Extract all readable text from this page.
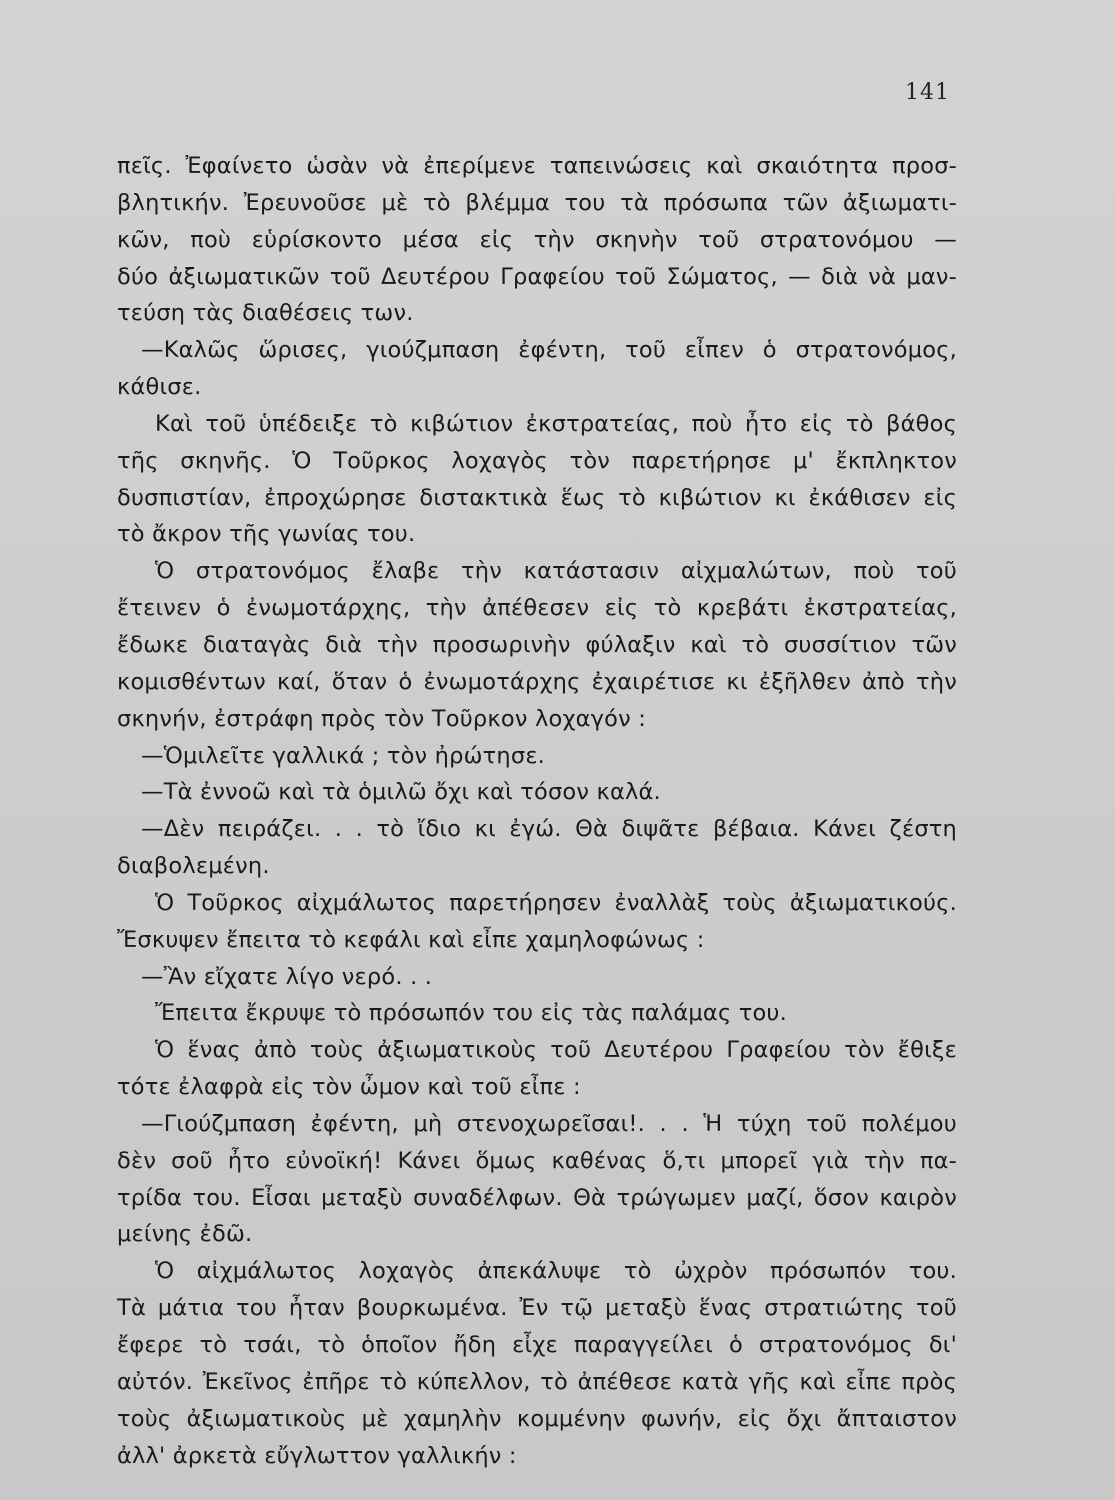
141
πεῖς. Ἐφαίνετο ὡσὰν νὰ ἐπερίμενε ταπεινώσεις καὶ σκαιότητα προσ-
βλητικήν. Ἐρευνοῦσε μὲ τὸ βλέμμα του τὰ πρόσωπα τῶν ἀξιωματι-
κῶν, ποὺ εὑρίσκοντο μέσα εἰς τὴν σκηνὴν τοῦ στρατονόμου —
δύο ἀξιωματικῶν τοῦ Δευτέρου Γραφείου τοῦ Σώματος, — διὰ νὰ μαν-
τεύση τὰς διαθέσεις των.
—Καλῶς ὥρισες, γιούζμπαση ἐφέντη, τοῦ εἶπεν ὁ στρατονόμος,
κάθισε.
Καὶ τοῦ ὑπέδειξε τὸ κιβώτιον ἐκστρατείας, ποὺ ἦτο εἰς τὸ βάθος
τῆς σκηνῆς. Ὁ Τοῦρκος λοχαγὸς τὸν παρετήρησε μ' ἔκπληκτον
δυσπιστίαν, ἐπροχώρησε διστακτικὰ ἕως τὸ κιβώτιον κι ἐκάθισεν εἰς
τὸ ἄκρον τῆς γωνίας του.
Ὁ στρατονόμος ἔλαβε τὴν κατάστασιν αἰχμαλώτων, ποὺ τοῦ
ἔτεινεν ὁ ἐνωμοτάρχης, τὴν ἀπέθεσεν εἰς τὸ κρεβάτι ἐκστρατείας,
ἔδωκε διαταγὰς διὰ τὴν προσωρινὴν φύλαξιν καὶ τὸ συσσίτιον τῶν
κομισθέντων καί, ὅταν ὁ ἐνωμοτάρχης ἐχαιρέτισε κι ἐξῆλθεν ἀπὸ τὴν
σκηνήν, ἐστράφη πρὸς τὸν Τοῦρκον λοχαγόν :
—Ὁμιλεῖτε γαλλικά ; τὸν ἠρώτησε.
—Τὰ ἐννοῶ καὶ τὰ ὁμιλῶ ὄχι καὶ τόσον καλά.
—Δὲν πειράζει. . . τὸ ἴδιο κι ἐγώ. Θὰ διψᾶτε βέβαια. Κάνει ζέστη
διαβολεμένη.
Ὁ Τοῦρκος αἰχμάλωτος παρετήρησεν ἐναλλὰξ τοὺς ἀξιωματικούς.
Ἔσκυψεν ἔπειτα τὸ κεφάλι καὶ εἶπε χαμηλοφώνως :
—Ἂν εἴχατε λίγο νερό. . .
Ἔπειτα ἔκρυψε τὸ πρόσωπόν του εἰς τὰς παλάμας του.
Ὁ ἕνας ἀπὸ τοὺς ἀξιωματικοὺς τοῦ Δευτέρου Γραφείου τὸν ἔθιξε
τότε ἐλαφρὰ εἰς τὸν ὦμον καὶ τοῦ εἶπε :
—Γιούζμπαση ἐφέντη, μὴ στενοχωρεῖσαι!. . . Ἡ τύχη τοῦ πολέμου
δὲν σοῦ ἦτο εὐνοϊκή! Κάνει ὅμως καθένας ὅ,τι μπορεῖ γιὰ τὴν πα-
τρίδα του. Εἶσαι μεταξὺ συναδέλφων. Θὰ τρώγωμεν μαζί, ὅσον καιρὸν
μείνης ἐδῶ.
Ὁ αἰχμάλωτος λοχαγὸς ἀπεκάλυψε τὸ ὠχρὸν πρόσωπόν του.
Τὰ μάτια του ἦταν βουρκωμένα. Ἐν τῷ μεταξὺ ἕνας στρατιώτης τοῦ
ἔφερε τὸ τσάι, τὸ ὁποῖον ἤδη εἶχε παραγγείλει ὁ στρατονόμος δι'
αὐτόν. Ἐκεῖνος ἐπῆρε τὸ κύπελλον, τὸ ἀπέθεσε κατὰ γῆς καὶ εἶπε πρὸς
τοὺς ἀξιωματικοὺς μὲ χαμηλὴν κομμένην φωνήν, εἰς ὄχι ἄπταιστον
ἀλλ' ἀρκετὰ εὔγλωττον γαλλικήν :
